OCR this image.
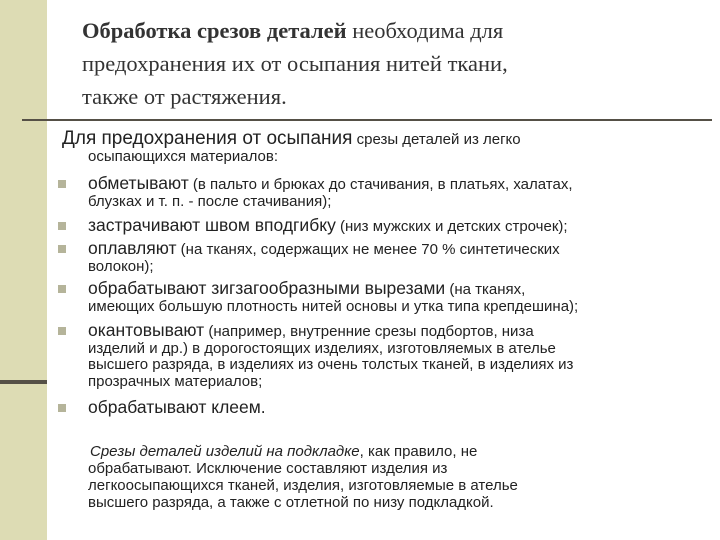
Обработка срезов деталей необходима для
предохранения их от осыпания нитей ткани,
также от растяжения.
Для предохранения от осыпания срезы деталей из легко
осыпающихся материалов:
обметывают (в пальто и брюках до стачивания, в платьях, халатах,
блузках и т. п. - после стачивания);
застрачивают швом вподгибку (низ мужских и детских строчек);
оплавляют (на тканях, содержащих не менее 70 % синтетических
волокон);
обрабатывают зигзагообразными вырезами (на тканях,
имеющих большую плотность нитей основы и утка типа крепдешина);
окантовывают (например, внутренние срезы подбортов, низа
изделий и др.) в дорогостоящих изделиях, изготовляемых в ателье
высшего разряда, в изделиях из очень толстых тканей, в изделиях из
прозрачных материалов;
обрабатывают клеем.
Срезы деталей изделий на подкладке, как правило, не
обрабатывают. Исключение составляют изделия из
легкоосыпающихся тканей, изделия, изготовляемые в ателье
высшего разряда, а также с отлетной по низу подкладкой.
